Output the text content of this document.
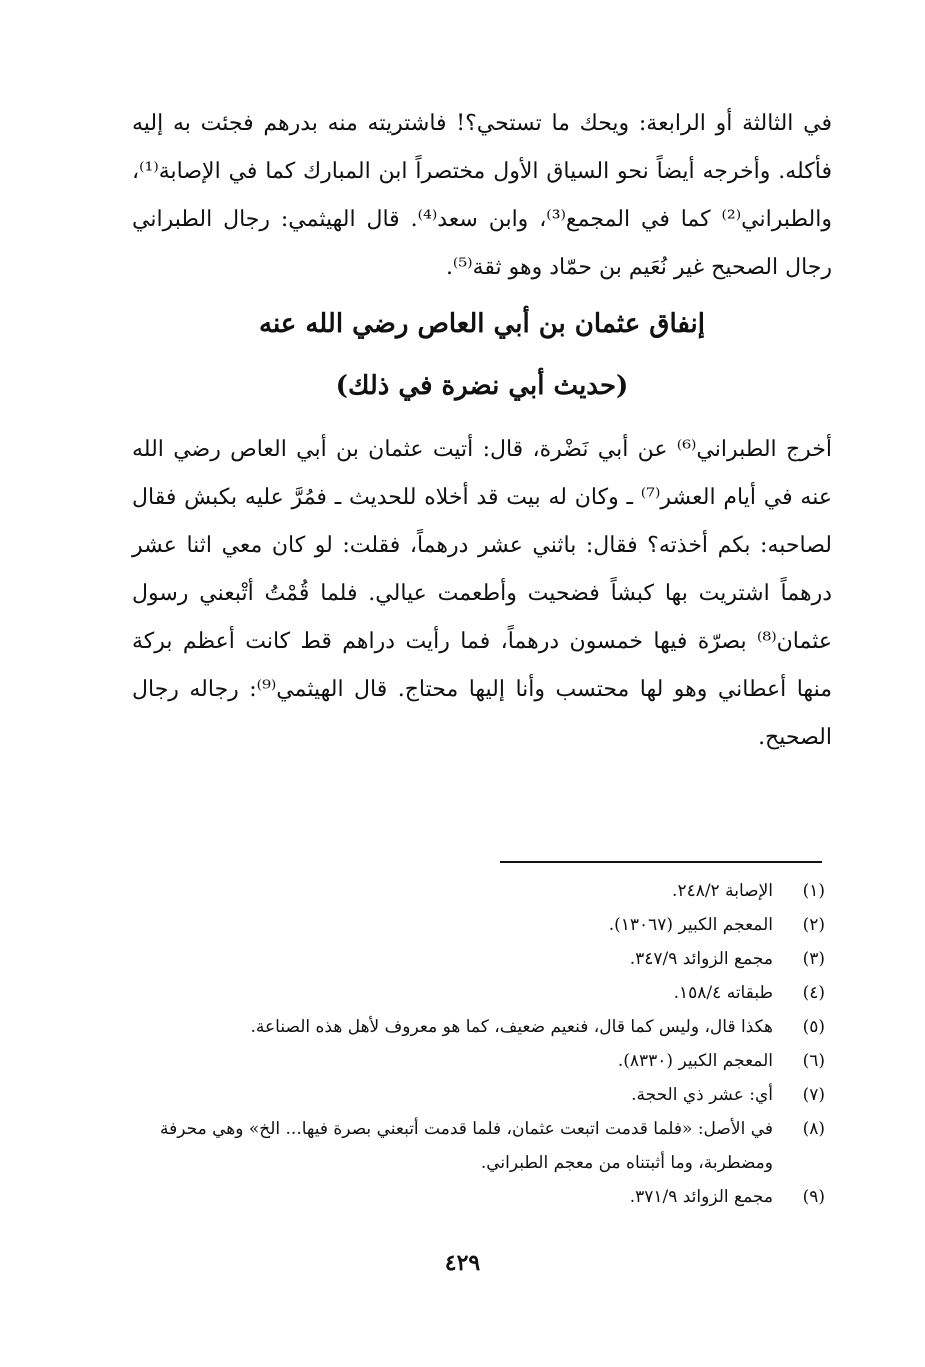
في الثالثة أو الرابعة: ويحك ما تستحي؟! فاشتريته منه بدرهم فجئت به إليه فأكله. وأخرجه أيضاً نحو السياق الأول مختصراً ابن المبارك كما في الإصابة⁽¹⁾، والطبراني⁽²⁾ كما في المجمع⁽³⁾، وابن سعد⁽⁴⁾. قال الهيثمي: رجال الطبراني رجال الصحيح غير نُعَيم بن حمّاد وهو ثقة⁽⁵⁾.

إنفاق عثمان بن أبي العاص رضي الله عنه
(حديث أبي نضرة في ذلك)

أخرج الطبراني⁽⁶⁾ عن أبي نَضْرة، قال: أتيت عثمان بن أبي العاص رضي الله عنه في أيام العشر⁽⁷⁾ ـ وكان له بيت قد أخلاه للحديث ـ فمُرَّ عليه بكبش فقال لصاحبه: بكم أخذته؟ فقال: باثني عشر درهماً، فقلت: لو كان معي اثنا عشر درهماً اشتريت بها كبشاً فضحيت وأطعمت عيالي. فلما قُمْتُ أتْبعني رسول عثمان⁽⁸⁾ بصرّة فيها خمسون درهماً، فما رأيت دراهم قط كانت أعظم بركة منها أعطاني وهو لها محتسب وأنا إليها محتاج. قال الهيثمي⁽⁹⁾: رجاله رجال الصحيح.

(١)
الإصابة ٢٤٨/٢.
(٢)
المعجم الكبير (١٣٠٦٧).
(٣)
مجمع الزوائد ٣٤٧/٩.
(٤)
طبقاته ١٥٨/٤.
(٥)
هكذا قال، وليس كما قال، فنعيم ضعيف، كما هو معروف لأهل هذه الصناعة.
(٦)
المعجم الكبير (٨٣٣٠).
(٧)
أي: عشر ذي الحجة.
(٨)
في الأصل: «فلما قدمت اتبعت عثمان، فلما قدمت أتبعني بصرة فيها... الخ» وهي محرفة ومضطربة، وما أثبتناه من معجم الطبراني.
(٩)
مجمع الزوائد ٣٧١/٩.
٤٢٩
